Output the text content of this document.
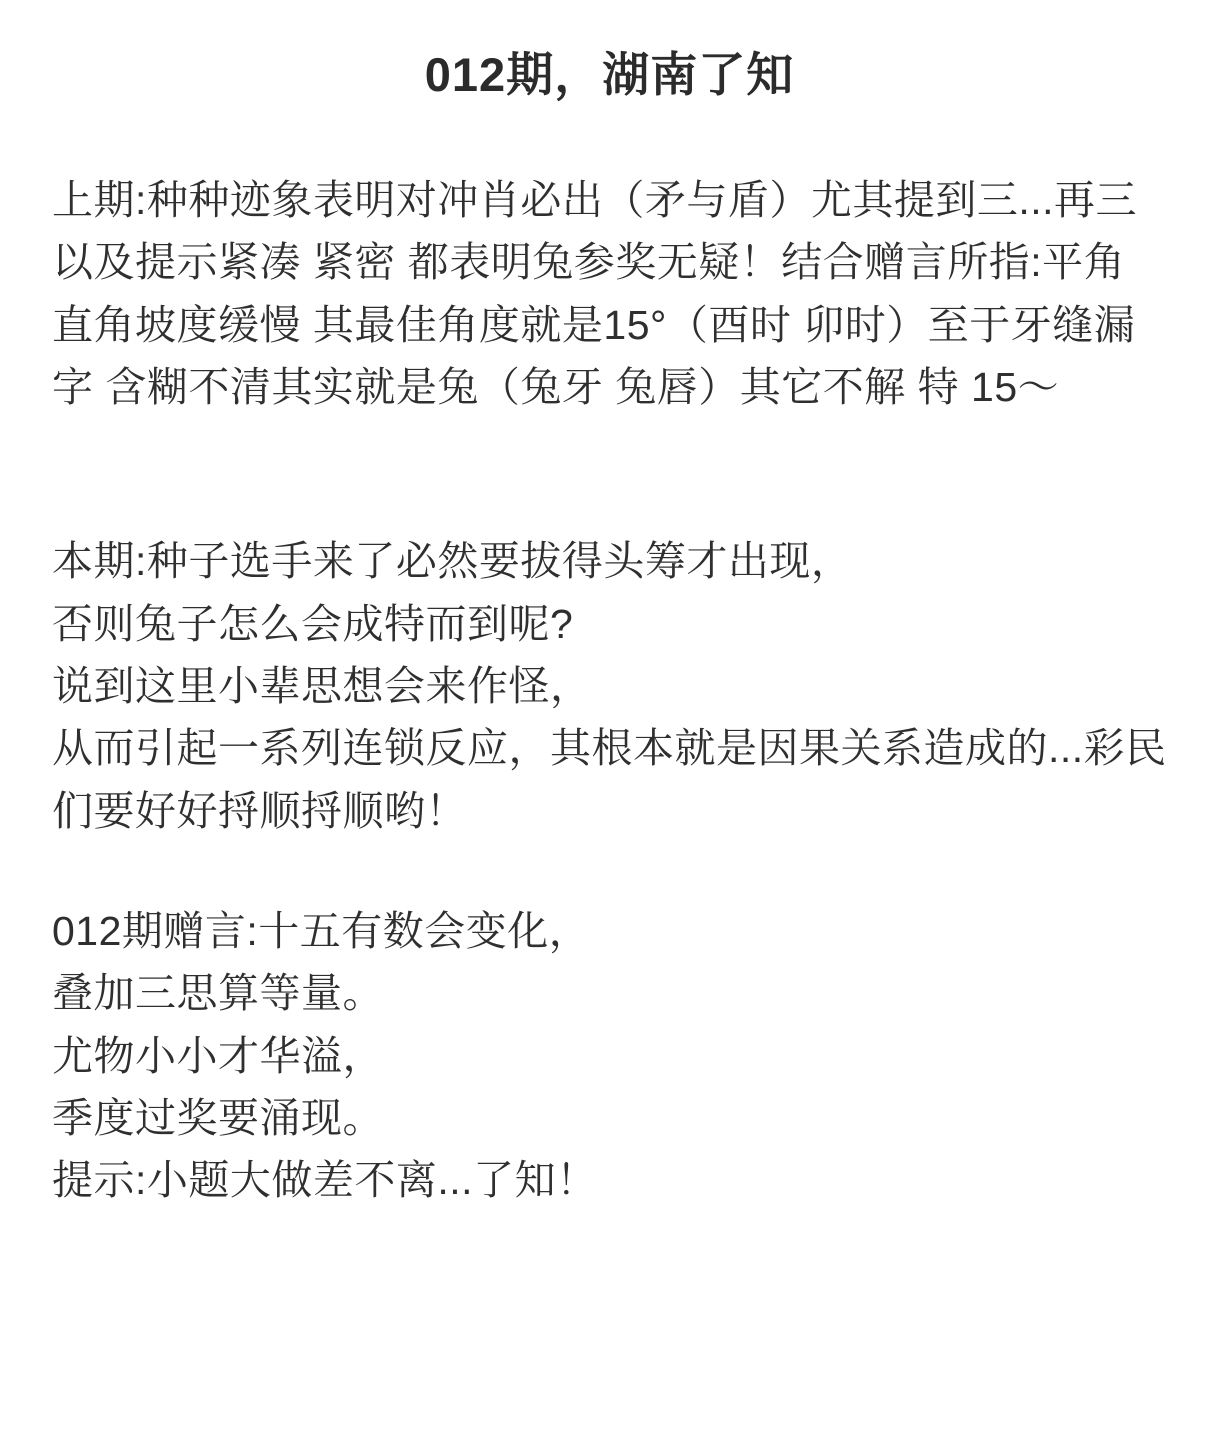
012期，湖南了知

上期:种种迹象表明对冲肖必出（矛与盾）尤其提到三...再三以及提示紧凑 紧密 都表明兔参奖无疑！结合赠言所指:平角 直角坡度缓慢 其最佳角度就是15°（酉时 卯时）至于牙缝漏字 含糊不清其实就是兔（兔牙 兔唇）其它不解 特 15～

本期:种子选手来了必然要拔得头筹才出现，

否则兔子怎么会成特而到呢?

说到这里小辈思想会来作怪，

从而引起一系列连锁反应，其根本就是因果关系造成的...彩民们要好好捋顺捋顺哟！

012期赠言:十五有数会变化，

叠加三思算等量。

尤物小小才华溢，

季度过奖要涌现。

提示:小题大做差不离...了知！
